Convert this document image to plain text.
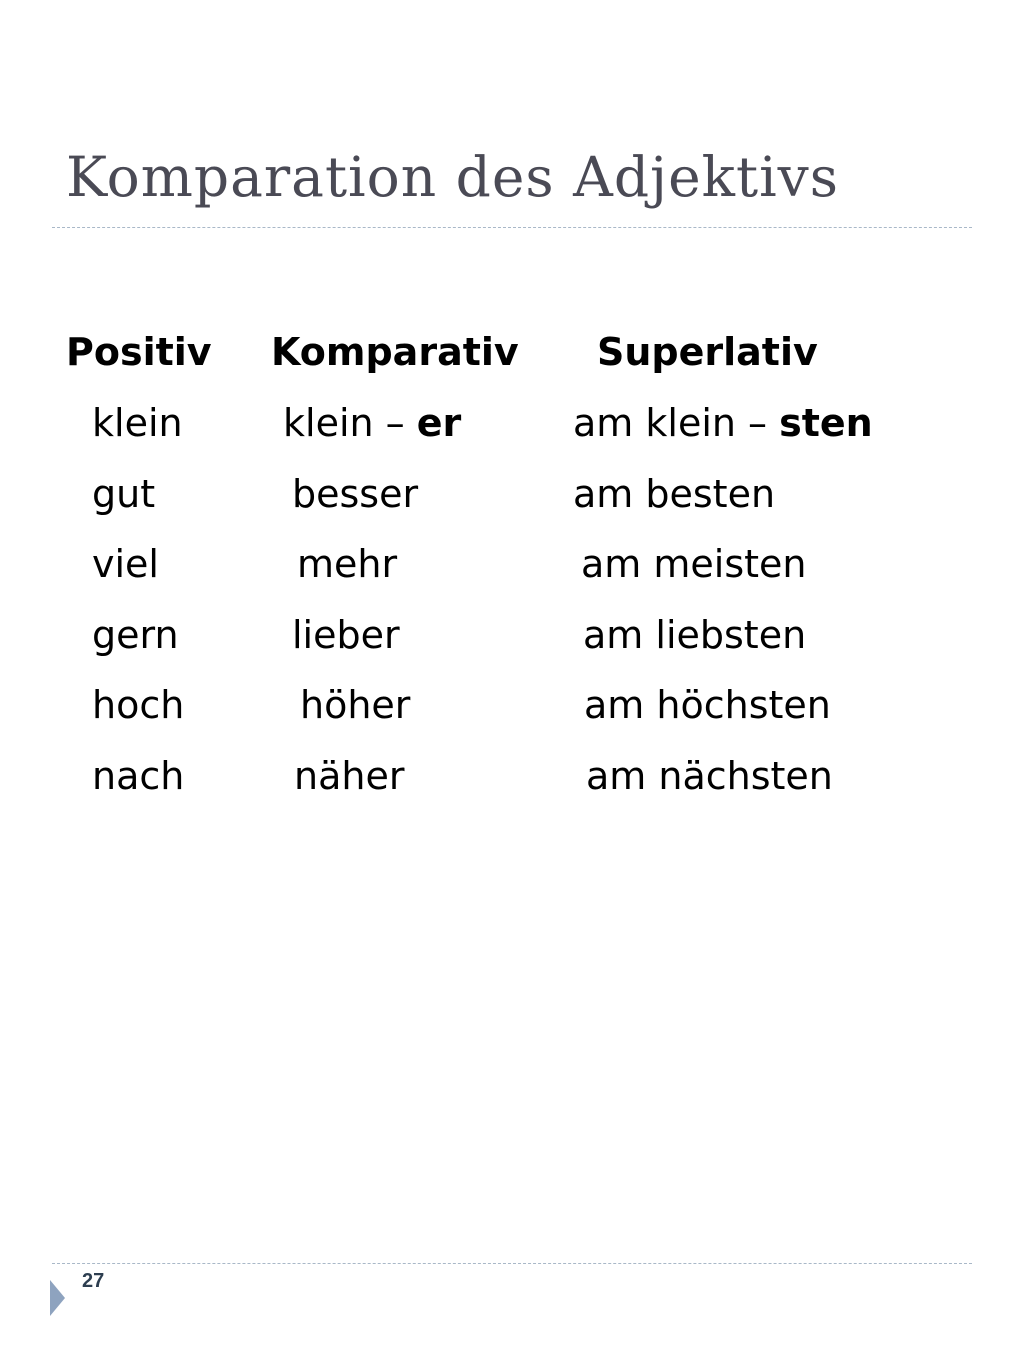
Komparation des Adjektivs
Positiv Komparativ Superlativ
klein	klein – er	am klein – sten
gut	besser	am besten
viel	mehr	am meisten
gern	lieber	am liebsten
hoch	höher	am höchsten
nach	näher	am nächsten
27
